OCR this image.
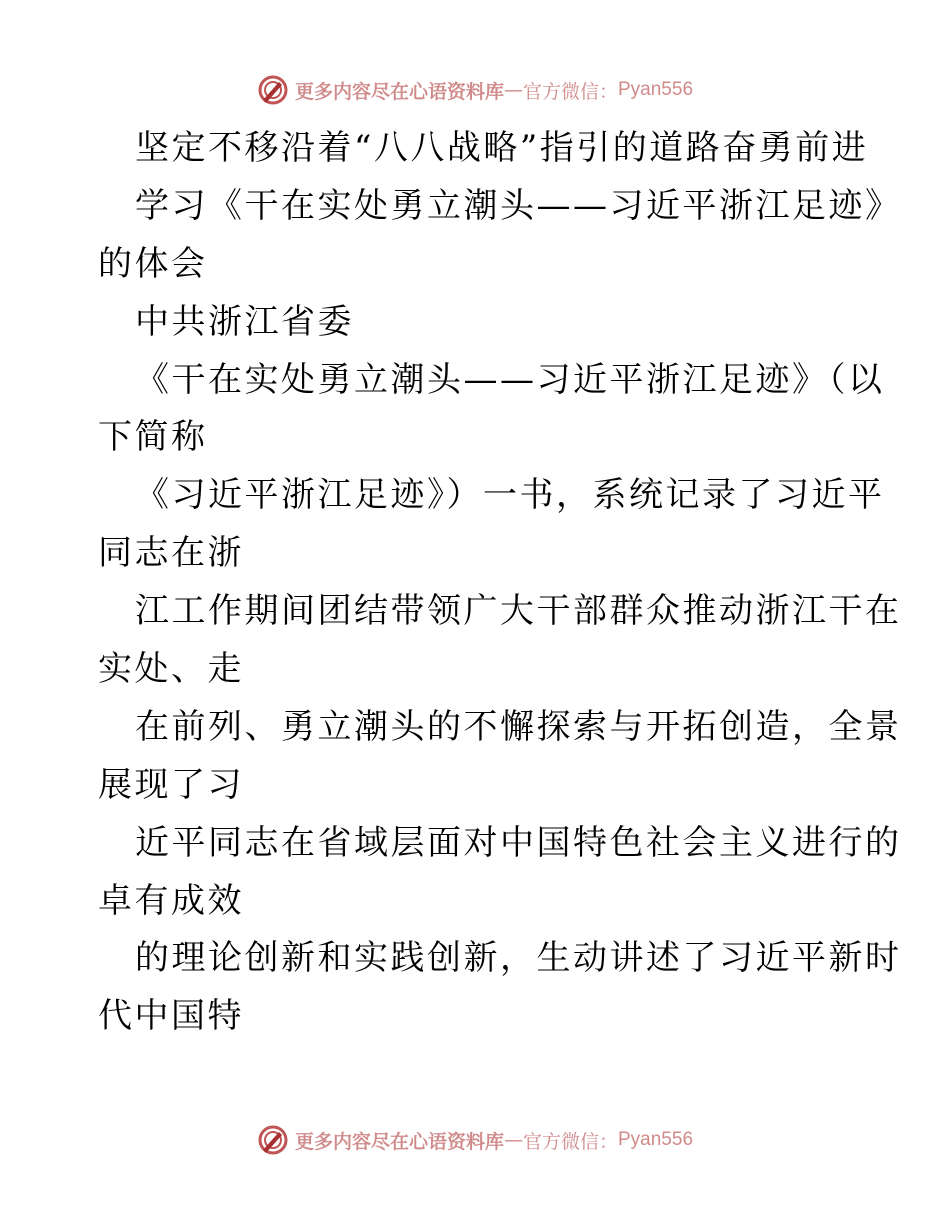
更多内容尽在心语资料库 — 官方微信： Pyan556
坚定不移沿着“八八战略”指引的道路奋勇前进
学习《干在实处勇立潮头——习近平浙江足迹》
的体会
中共浙江省委
《干在实处勇立潮头——习近平浙江足迹》（以
下简称
《习近平浙江足迹》）一书，系统记录了习近平
同志在浙
江工作期间团结带领广大干部群众推动浙江干在
实处、走
在前列、勇立潮头的不懈探索与开拓创造，全景
展现了习
近平同志在省域层面对中国特色社会主义进行的
卓有成效
的理论创新和实践创新，生动讲述了习近平新时
代中国特
更多内容尽在心语资料库 — 官方微信： Pyan556
